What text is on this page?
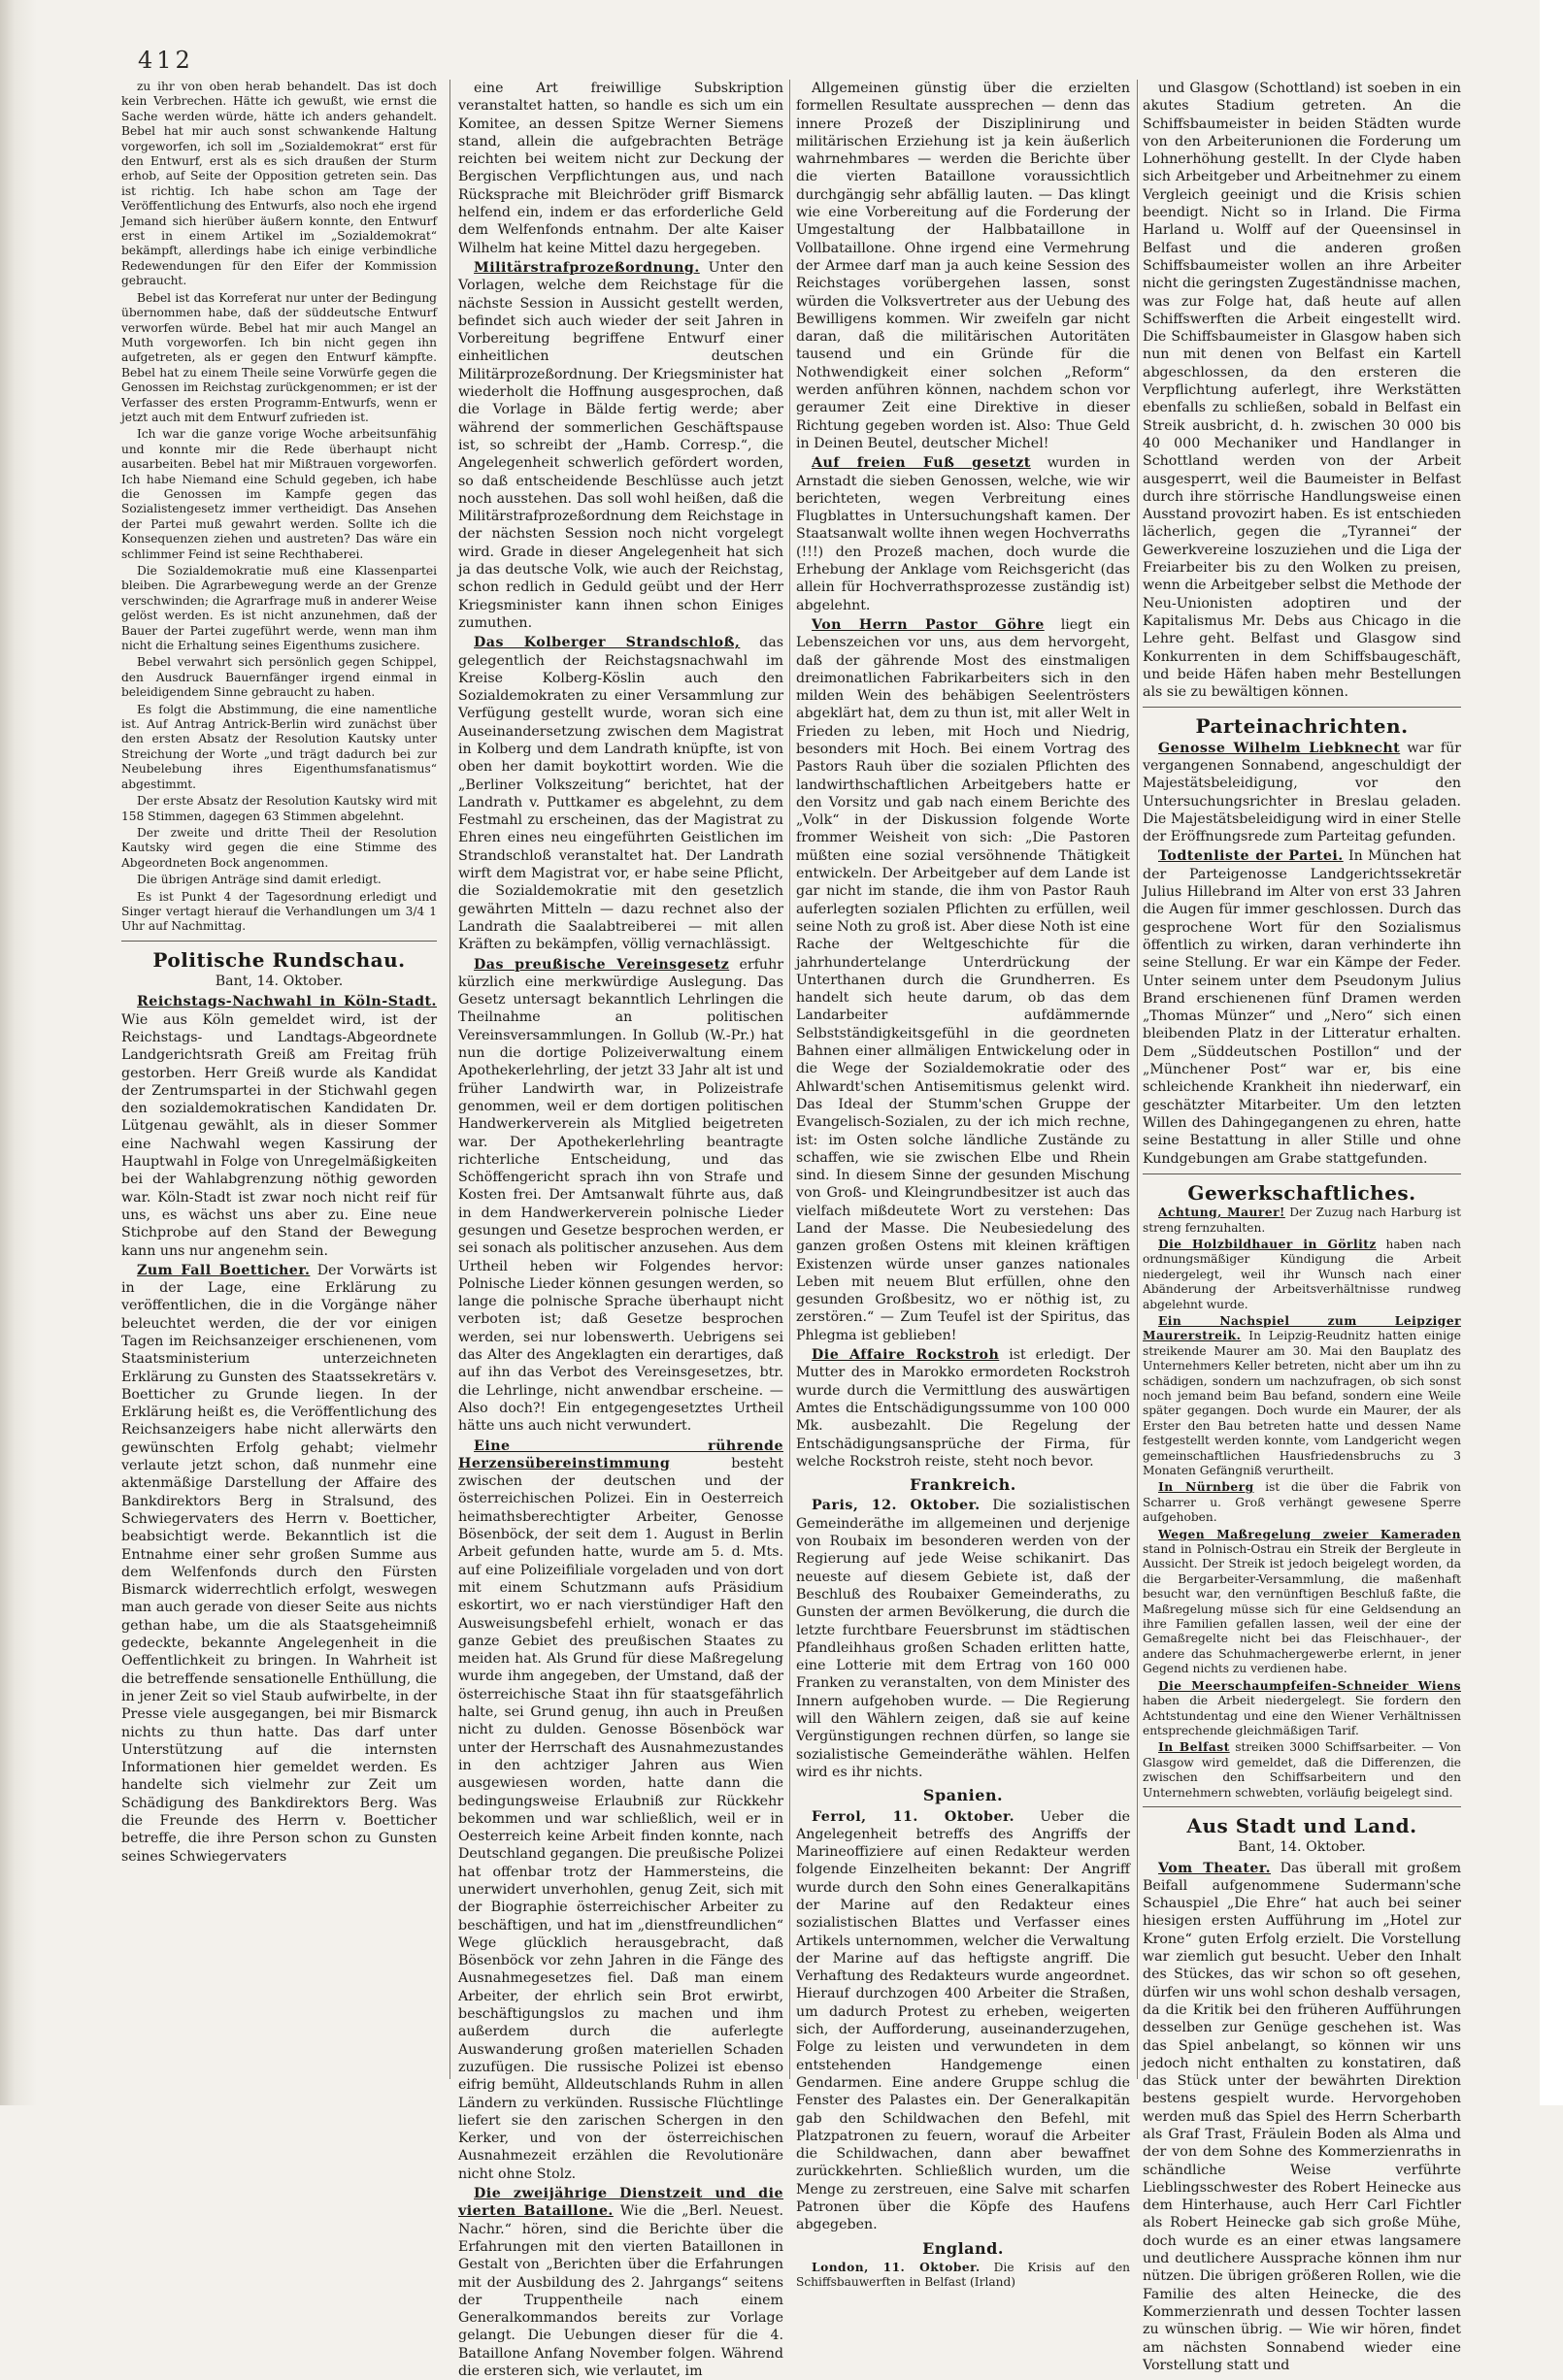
412

zu ihr von oben herab behandelt. Das ist doch kein Verbrechen. Hätte ich gewußt, wie ernst die Sache werden würde, hätte ich anders gehandelt. Bebel hat mir auch sonst schwankende Haltung vorgeworfen, ich soll im „Sozialdemokrat“ erst für den Entwurf, erst als es sich draußen der Sturm erhob, auf Seite der Opposition getreten sein. Das ist richtig. Ich habe schon am Tage der Veröffentlichung des Entwurfs, also noch ehe irgend Jemand sich hierüber äußern konnte, den Entwurf erst in einem Artikel im „Sozialdemokrat“ bekämpft, allerdings habe ich einige verbindliche Redewendungen für den Eifer der Kommission gebraucht.

Bebel ist das Korreferat nur unter der Bedingung übernommen habe, daß der süddeutsche Entwurf verworfen würde. Bebel hat mir auch Mangel an Muth vorgeworfen. Ich bin nicht gegen ihn aufgetreten, als er gegen den Entwurf kämpfte. Bebel hat zu einem Theile seine Vorwürfe gegen die Genossen im Reichstag zurückgenommen; er ist der Verfasser des ersten Programm-Entwurfs, wenn er jetzt auch mit dem Entwurf zufrieden ist.

Ich war die ganze vorige Woche arbeitsunfähig und konnte mir die Rede überhaupt nicht ausarbeiten. Bebel hat mir Mißtrauen vorgeworfen. Ich habe Niemand eine Schuld gegeben, ich habe die Genossen im Kampfe gegen das Sozialistengesetz immer vertheidigt. Das Ansehen der Partei muß gewahrt werden. Sollte ich die Konsequenzen ziehen und austreten? Das wäre ein schlimmer Feind ist seine Rechthaberei.

Die Sozialdemokratie muß eine Klassenpartei bleiben. Die Agrarbewegung werde an der Grenze verschwinden; die Agrarfrage muß in anderer Weise gelöst werden. Es ist nicht anzunehmen, daß der Bauer der Partei zugeführt werde, wenn man ihm nicht die Erhaltung seines Eigenthums zusichere.

Bebel verwahrt sich persönlich gegen Schippel, den Ausdruck Bauernfänger irgend einmal in beleidigendem Sinne gebraucht zu haben.

Es folgt die Abstimmung, die eine namentliche ist. Auf Antrag Antrick-Berlin wird zunächst über den ersten Absatz der Resolution Kautsky unter Streichung der Worte „und trägt dadurch bei zur Neubelebung ihres Eigenthumsfanatismus“ abgestimmt.

Der erste Absatz der Resolution Kautsky wird mit 158 Stimmen, dagegen 63 Stimmen abgelehnt.

Der zweite und dritte Theil der Resolution Kautsky wird gegen die eine Stimme des Abgeordneten Bock angenommen.

Die übrigen Anträge sind damit erledigt.

Es ist Punkt 4 der Tagesordnung erledigt und Singer vertagt hierauf die Verhandlungen um 3/4 1 Uhr auf Nachmittag.

Politische Rundschau.
Bant, 14. Oktober.

Reichstags-Nachwahl in Köln-Stadt. Wie aus Köln gemeldet wird, ist der Reichstags- und Landtags-Abgeordnete Landgerichtsrath Greiß am Freitag früh gestorben. Herr Greiß wurde als Kandidat der Zentrumspartei in der Stichwahl gegen den sozialdemokratischen Kandidaten Dr. Lütgenau gewählt, als in dieser Sommer eine Nachwahl wegen Kassirung der Hauptwahl in Folge von Unregelmäßigkeiten bei der Wahlabgrenzung nöthig geworden war. Köln-Stadt ist zwar noch nicht reif für uns, es wächst uns aber zu. Eine neue Stichprobe auf den Stand der Bewegung kann uns nur angenehm sein.

Zum Fall Boetticher. Der Vorwärts ist in der Lage, eine Erklärung zu veröffentlichen, die in die Vorgänge näher beleuchtet werden, die der vor einigen Tagen im Reichsanzeiger erschienenen, vom Staatsministerium unterzeichneten Erklärung zu Gunsten des Staatssekretärs v. Boetticher zu Grunde liegen. In der Erklärung heißt es, die Veröffentlichung des Reichsanzeigers habe nicht allerwärts den gewünschten Erfolg gehabt; vielmehr verlaute jetzt schon, daß nunmehr eine aktenmäßige Darstellung der Affaire des Bankdirektors Berg in Stralsund, des Schwiegervaters des Herrn v. Boetticher, beabsichtigt werde. Bekanntlich ist die Entnahme einer sehr großen Summe aus dem Welfenfonds durch den Fürsten Bismarck widerrechtlich erfolgt, weswegen man auch gerade von dieser Seite aus nichts gethan habe, um die als Staatsgeheimniß gedeckte, bekannte Angelegenheit in die Oeffentlichkeit zu bringen. In Wahrheit ist die betreffende sensationelle Enthüllung, die in jener Zeit so viel Staub aufwirbelte, in der Presse viele ausgegangen, bei mir Bismarck nichts zu thun hatte. Das darf unter Unterstützung auf die internsten Informationen hier gemeldet werden. Es handelte sich vielmehr zur Zeit um Schädigung des Bankdirektors Berg. Was die Freunde des Herrn v. Boetticher betreffe, die ihre Person schon zu Gunsten seines Schwiegervaters

eine Art freiwillige Subskription veranstaltet hatten, so handle es sich um ein Komitee, an dessen Spitze Werner Siemens stand, allein die aufgebrachten Beträge reichten bei weitem nicht zur Deckung der Bergischen Verpflichtungen aus, und nach Rücksprache mit Bleichröder griff Bismarck helfend ein, indem er das erforderliche Geld dem Welfenfonds entnahm. Der alte Kaiser Wilhelm hat keine Mittel dazu hergegeben.

Militärstrafprozeßordnung. Unter den Vorlagen, welche dem Reichstage für die nächste Session in Aussicht gestellt werden, befindet sich auch wieder der seit Jahren in Vorbereitung begriffene Entwurf einer einheitlichen deutschen Militärprozeßordnung. Der Kriegsminister hat wiederholt die Hoffnung ausgesprochen, daß die Vorlage in Bälde fertig werde; aber während der sommerlichen Geschäftspause ist, so schreibt der „Hamb. Corresp.“, die Angelegenheit schwerlich gefördert worden, so daß entscheidende Beschlüsse auch jetzt noch ausstehen. Das soll wohl heißen, daß die Militärstrafprozeßordnung dem Reichstage in der nächsten Session noch nicht vorgelegt wird. Grade in dieser Angelegenheit hat sich ja das deutsche Volk, wie auch der Reichstag, schon redlich in Geduld geübt und der Herr Kriegsminister kann ihnen schon Einiges zumuthen.

Das Kolberger Strandschloß, das gelegentlich der Reichstagsnachwahl im Kreise Kolberg-Köslin auch den Sozialdemokraten zu einer Versammlung zur Verfügung gestellt wurde, woran sich eine Auseinandersetzung zwischen dem Magistrat in Kolberg und dem Landrath knüpfte, ist von oben her damit boykottirt worden. Wie die „Berliner Volkszeitung“ berichtet, hat der Landrath v. Puttkamer es abgelehnt, zu dem Festmahl zu erscheinen, das der Magistrat zu Ehren eines neu eingeführten Geistlichen im Strandschloß veranstaltet hat. Der Landrath wirft dem Magistrat vor, er habe seine Pflicht, die Sozialdemokratie mit den gesetzlich gewährten Mitteln — dazu rechnet also der Landrath die Saalabtreiberei — mit allen Kräften zu bekämpfen, völlig vernachlässigt.

Das preußische Vereinsgesetz erfuhr kürzlich eine merkwürdige Auslegung. Das Gesetz untersagt bekanntlich Lehrlingen die Theilnahme an politischen Vereinsversammlungen. In Gollub (W.-Pr.) hat nun die dortige Polizeiverwaltung einem Apothekerlehrling, der jetzt 33 Jahr alt ist und früher Landwirth war, in Polizeistrafe genommen, weil er dem dortigen politischen Handwerkerverein als Mitglied beigetreten war. Der Apothekerlehrling beantragte richterliche Entscheidung, und das Schöffengericht sprach ihn von Strafe und Kosten frei. Der Amtsanwalt führte aus, daß in dem Handwerkerverein polnische Lieder gesungen und Gesetze besprochen werden, er sei sonach als politischer anzusehen. Aus dem Urtheil heben wir Folgendes hervor: Polnische Lieder können gesungen werden, so lange die polnische Sprache überhaupt nicht verboten ist; daß Gesetze besprochen werden, sei nur lobenswerth. Uebrigens sei das Alter des Angeklagten ein derartiges, daß auf ihn das Verbot des Vereinsgesetzes, btr. die Lehrlinge, nicht anwendbar erscheine. — Also doch?! Ein entgegengesetztes Urtheil hätte uns auch nicht verwundert.

Eine rührende Herzensübereinstimmung	besteht zwischen der deutschen und der österreichischen Polizei. Ein in Oesterreich heimathsberechtigter Arbeiter, Genosse Bösenböck, der seit dem 1. August in Berlin Arbeit gefunden hatte, wurde am 5. d. Mts. auf eine Polizeifiliale vorgeladen und von dort mit einem Schutzmann aufs Präsidium eskortirt, wo er nach vierstündiger Haft den Ausweisungsbefehl erhielt, wonach er das ganze Gebiet des preußischen Staates zu meiden hat. Als Grund für diese Maßregelung wurde ihm angegeben, der Umstand, daß der österreichische Staat ihn für staatsgefährlich halte, sei Grund genug, ihn auch in Preußen nicht zu dulden. Genosse Bösenböck war unter der Herrschaft des Ausnahmezustandes in den achtziger Jahren aus Wien ausgewiesen worden, hatte dann die bedingungsweise Erlaubniß zur Rückkehr bekommen und war schließlich, weil er in Oesterreich keine Arbeit finden konnte, nach Deutschland gegangen. Die preußische Polizei hat offenbar trotz der Hammersteins, die unerwidert unverhohlen, genug Zeit, sich mit der Biographie österreichischer Arbeiter zu beschäftigen, und hat im „dienstfreundlichen“ Wege glücklich herausgebracht, daß Bösenböck vor zehn Jahren in die Fänge des Ausnahmegesetzes fiel. Daß man einem Arbeiter, der ehrlich sein Brot erwirbt, beschäftigungslos zu machen und ihm außerdem durch die auferlegte Auswanderung großen materiellen Schaden zuzufügen. Die russische Polizei ist ebenso eifrig bemüht, Alldeutschlands Ruhm in allen Ländern zu verkünden. Russische Flüchtlinge liefert sie den zarischen Schergen in den Kerker, und von der österreichischen Ausnahmezeit erzählen die Revolutionäre nicht ohne Stolz.

Die zweijährige Dienstzeit und die vierten Bataillone. Wie die „Berl. Neuest. Nachr.“ hören, sind die Berichte über die Erfahrungen mit den vierten Bataillonen in Gestalt von „Berichten über die Erfahrungen mit der Ausbildung des 2. Jahrgangs“ seitens der Truppentheile nach einem Generalkommandos bereits zur Vorlage gelangt. Die Uebungen dieser für die 4. Bataillone Anfang November folgen. Während die ersteren sich, wie verlautet, im

Allgemeinen günstig über die erzielten formellen Resultate aussprechen — denn das innere Prozeß der Disziplinirung und militärischen Erziehung ist ja kein äußerlich wahrnehmbares — werden die Berichte über die vierten Bataillone voraussichtlich durchgängig sehr abfällig lauten. — Das klingt wie eine Vorbereitung auf die Forderung der Umgestaltung der Halbbataillone in Vollbataillone. Ohne irgend eine Vermehrung der Armee darf man ja auch keine Session des Reichstages vorübergehen lassen, sonst würden die Volksvertreter aus der Uebung des Bewilligens kommen. Wir zweifeln gar nicht daran, daß die militärischen Autoritäten tausend und ein Gründe für die Nothwendigkeit einer solchen „Reform“ werden anführen können, nachdem schon vor geraumer Zeit eine Direktive in dieser Richtung gegeben worden ist. Also: Thue Geld in Deinen Beutel, deutscher Michel!

Auf freien Fuß gesetzt wurden in Arnstadt die sieben Genossen, welche, wie wir berichteten, wegen Verbreitung eines Flugblattes in Untersuchungshaft kamen. Der Staatsanwalt wollte ihnen wegen Hochverraths (!!!) den Prozeß machen, doch wurde die Erhebung der Anklage vom Reichsgericht (das allein für Hochverrathsprozesse zuständig ist) abgelehnt.

Von Herrn Pastor Göhre liegt ein Lebenszeichen vor uns, aus dem hervorgeht, daß der gährende Most des einstmaligen dreimonatlichen Fabrikarbeiters sich in den milden Wein des behäbigen Seelentrösters abgeklärt hat, dem zu thun ist, mit aller Welt in Frieden zu leben, mit Hoch und Niedrig, besonders mit Hoch. Bei einem Vortrag des Pastors Rauh über die sozialen Pflichten des landwirthschaftlichen Arbeitgebers hatte er den Vorsitz und gab nach einem Berichte des „Volk“ in der Diskussion folgende Worte frommer Weisheit von sich: „Die Pastoren müßten eine sozial versöhnende Thätigkeit entwickeln. Der Arbeitgeber auf dem Lande ist gar nicht im stande, die ihm von Pastor Rauh auferlegten sozialen Pflichten zu erfüllen, weil seine Noth zu groß ist. Aber diese Noth ist eine Rache der Weltgeschichte für die jahrhundertelange Unterdrückung der Unterthanen durch die Grundherren. Es handelt sich heute darum, ob das dem Landarbeiter aufdämmernde Selbstständigkeitsgefühl in die geordneten Bahnen einer allmäligen Entwickelung oder in die Wege der Sozialdemokratie oder des Ahlwardt'schen Antisemitismus gelenkt wird. Das Ideal der Stumm'schen Gruppe der Evangelisch-Sozialen, zu der ich mich rechne, ist: im Osten solche ländliche Zustände zu schaffen, wie sie zwischen Elbe und Rhein sind. In diesem Sinne der gesunden Mischung von Groß- und Kleingrundbesitzer ist auch das vielfach mißdeutete Wort zu verstehen: Das Land der Masse. Die Neubesiedelung des ganzen großen Ostens mit kleinen kräftigen Existenzen würde unser ganzes nationales Leben mit neuem Blut erfüllen, ohne den gesunden Großbesitz, wo er nöthig ist, zu zerstören.“ — Zum Teufel ist der Spiritus, das Phlegma ist geblieben!

Die Affaire Rockstroh ist erledigt. Der Mutter des in Marokko ermordeten Rockstroh wurde durch die Vermittlung des auswärtigen Amtes die Entschädigungssumme von 100 000 Mk. ausbezahlt. Die Regelung der Entschädigungsansprüche der Firma, für welche Rockstroh reiste, steht noch bevor.

Frankreich.

Paris, 12. Oktober. Die sozialistischen Gemeinderäthe im allgemeinen und derjenige von Roubaix im besonderen werden von der Regierung auf jede Weise schikanirt. Das neueste auf diesem Gebiete ist, daß der Beschluß des Roubaixer Gemeinderaths, zu Gunsten der armen Bevölkerung, die durch die letzte furchtbare Feuersbrunst im städtischen Pfandleihhaus großen Schaden erlitten hatte, eine Lotterie mit dem Ertrag von 160 000 Franken zu veranstalten, von dem Minister des Innern aufgehoben wurde. — Die Regierung will den Wählern zeigen, daß sie auf keine Vergünstigungen rechnen dürfen, so lange sie sozialistische Gemeinderäthe wählen. Helfen wird es ihr nichts.

Spanien.

Ferrol, 11. Oktober. Ueber die Angelegenheit betreffs des Angriffs der Marineoffiziere auf einen Redakteur werden folgende Einzelheiten bekannt: Der Angriff wurde durch den Sohn eines Generalkapitäns der Marine auf den Redakteur eines sozialistischen Blattes und Verfasser eines Artikels unternommen, welcher die Verwaltung der Marine auf das heftigste angriff. Die Verhaftung des Redakteurs wurde angeordnet. Hierauf durchzogen 400 Arbeiter die Straßen, um dadurch Protest zu erheben, weigerten sich, der Aufforderung, auseinanderzugehen, Folge zu leisten und verwundeten in dem entstehenden Handgemenge einen Gendarmen. Eine andere Gruppe schlug die Fenster des Palastes ein. Der Generalkapitän gab den Schildwachen den Befehl, mit Platzpatronen zu feuern, worauf die Arbeiter die Schildwachen, dann aber bewaffnet zurückkehrten. Schließlich wurden, um die Menge zu zerstreuen, eine Salve mit scharfen Patronen über die Köpfe des Haufens abgegeben.

England.

London, 11. Oktober. Die Krisis auf den Schiffsbauwerften in Belfast (Irland)

und Glasgow (Schottland) ist soeben in ein akutes Stadium getreten. An die Schiffsbaumeister in beiden Städten wurde von den Arbeiterunionen die Forderung um Lohnerhöhung gestellt. In der Clyde haben sich Arbeitgeber und Arbeitnehmer zu einem Vergleich geeinigt und die Krisis schien beendigt. Nicht so in Irland. Die Firma Harland u. Wolff auf der Queensinsel in Belfast und die anderen großen Schiffsbaumeister wollen an ihre Arbeiter nicht die geringsten Zugeständnisse machen, was zur Folge hat, daß heute auf allen Schiffswerften die Arbeit eingestellt wird. Die Schiffsbaumeister in Glasgow haben sich nun mit denen von Belfast ein Kartell abgeschlossen, da den ersteren die Verpflichtung auferlegt, ihre Werkstätten ebenfalls zu schließen, sobald in Belfast ein Streik ausbricht, d. h. zwischen 30 000 bis 40 000 Mechaniker und Handlanger in Schottland werden von der Arbeit ausgesperrt, weil die Baumeister in Belfast durch ihre störrische Handlungsweise einen Ausstand provozirt haben. Es ist entschieden lächerlich, gegen die „Tyrannei“ der Gewerkvereine loszuziehen und die Liga der Freiarbeiter bis zu den Wolken zu preisen, wenn die Arbeitgeber selbst die Methode der Neu-Unionisten adoptiren und der Kapitalismus Mr. Debs aus Chicago in die Lehre geht. Belfast und Glasgow sind Konkurrenten in dem Schiffsbaugeschäft, und beide Häfen haben mehr Bestellungen als sie zu bewältigen können.

Parteinachrichten.

Genosse Wilhelm Liebknecht war für vergangenen Sonnabend, angeschuldigt der Majestätsbeleidigung, vor den Untersuchungsrichter in Breslau geladen. Die Majestätsbeleidigung wird in einer Stelle der Eröffnungsrede zum Parteitag gefunden.

Todtenliste der Partei. In München hat der Parteigenosse Landgerichtssekretär Julius Hillebrand im Alter von erst 33 Jahren die Augen für immer geschlossen. Durch das gesprochene Wort für den Sozialismus öffentlich zu wirken, daran verhinderte ihn seine Stellung. Er war ein Kämpe der Feder. Unter seinem unter dem Pseudonym Julius Brand erschienenen fünf Dramen werden „Thomas Münzer“ und „Nero“ sich einen bleibenden Platz in der Litteratur erhalten. Dem „Süddeutschen Postillon“ und der „Münchener Post“ war er, bis eine schleichende Krankheit ihn niederwarf, ein geschätzter Mitarbeiter. Um den letzten Willen des Dahingegangenen zu ehren, hatte seine Bestattung in aller Stille und ohne Kundgebungen am Grabe stattgefunden.

Gewerkschaftliches.

Achtung, Maurer! Der Zuzug nach Harburg ist streng fernzuhalten.

Die Holzbildhauer in Görlitz haben nach ordnungsmäßiger Kündigung die Arbeit niedergelegt, weil ihr Wunsch nach einer Abänderung der Arbeitsverhältnisse rundweg abgelehnt wurde.

Ein Nachspiel zum Leipziger Maurerstreik. In Leipzig-Reudnitz hatten einige streikende Maurer am 30. Mai den Bauplatz des Unternehmers Keller betreten, nicht aber um ihn zu schädigen, sondern um nachzufragen, ob sich sonst noch jemand beim Bau befand, sondern eine Weile später gegangen. Doch wurde ein Maurer, der als Erster den Bau betreten hatte und dessen Name festgestellt werden konnte, vom Landgericht wegen gemeinschaftlichen Hausfriedensbruchs zu 3 Monaten Gefängniß verurtheilt.

In Nürnberg ist die über die Fabrik von Scharrer u. Groß verhängt gewesene Sperre aufgehoben.

Wegen Maßregelung zweier Kameraden stand in Polnisch-Ostrau ein Streik der Bergleute in Aussicht. Der Streik ist jedoch beigelegt worden, da die Bergarbeiter-Versammlung, die maßenhaft besucht war, den vernünftigen Beschluß faßte, die Maßregelung müsse sich für eine Geldsendung an ihre Familien gefallen lassen, weil der eine der Gemaßregelte nicht bei das Fleischhauer-, der andere das Schuhmachergewerbe erlernt, in jener Gegend nichts zu verdienen habe.

Die Meerschaumpfeifen-Schneider Wiens haben die Arbeit niedergelegt. Sie fordern den Achtstundentag und eine den Wiener Verhältnissen entsprechende gleichmäßigen Tarif.

In Belfast streiken 3000 Schiffsarbeiter. — Von Glasgow wird gemeldet, daß die Differenzen, die zwischen den Schiffsarbeitern und den Unternehmern schwebten, vorläufig beigelegt sind.

Aus Stadt und Land.
Bant, 14. Oktober.

Vom Theater. Das überall mit großem Beifall aufgenommene Sudermann'sche Schauspiel „Die Ehre“ hat auch bei seiner hiesigen ersten Aufführung im „Hotel zur Krone“ guten Erfolg erzielt. Die Vorstellung war ziemlich gut besucht. Ueber den Inhalt des Stückes, das wir schon so oft gesehen, dürfen wir uns wohl schon deshalb versagen, da die Kritik bei den früheren Aufführungen desselben zur Genüge geschehen ist. Was das Spiel anbelangt, so können wir uns jedoch nicht enthalten zu konstatiren, daß das Stück unter der bewährten Direktion bestens gespielt wurde. Hervorgehoben werden muß das Spiel des Herrn Scherbarth als Graf Trast, Fräulein Boden als Alma und der von dem Sohne des Kommerzienraths in schändliche Weise verführte Lieblingsschwester des Robert Heinecke aus dem Hinterhause, auch Herr Carl Fichtler als Robert Heinecke gab sich große Mühe, doch wurde es an einer etwas langsamere und deutlichere Aussprache können ihm nur nützen. Die übrigen größeren Rollen, wie die Familie des alten Heinecke, die des Kommerzienrath und dessen Tochter lassen zu wünschen übrig. — Wie wir hören, findet am nächsten Sonnabend wieder eine Vorstellung statt und
